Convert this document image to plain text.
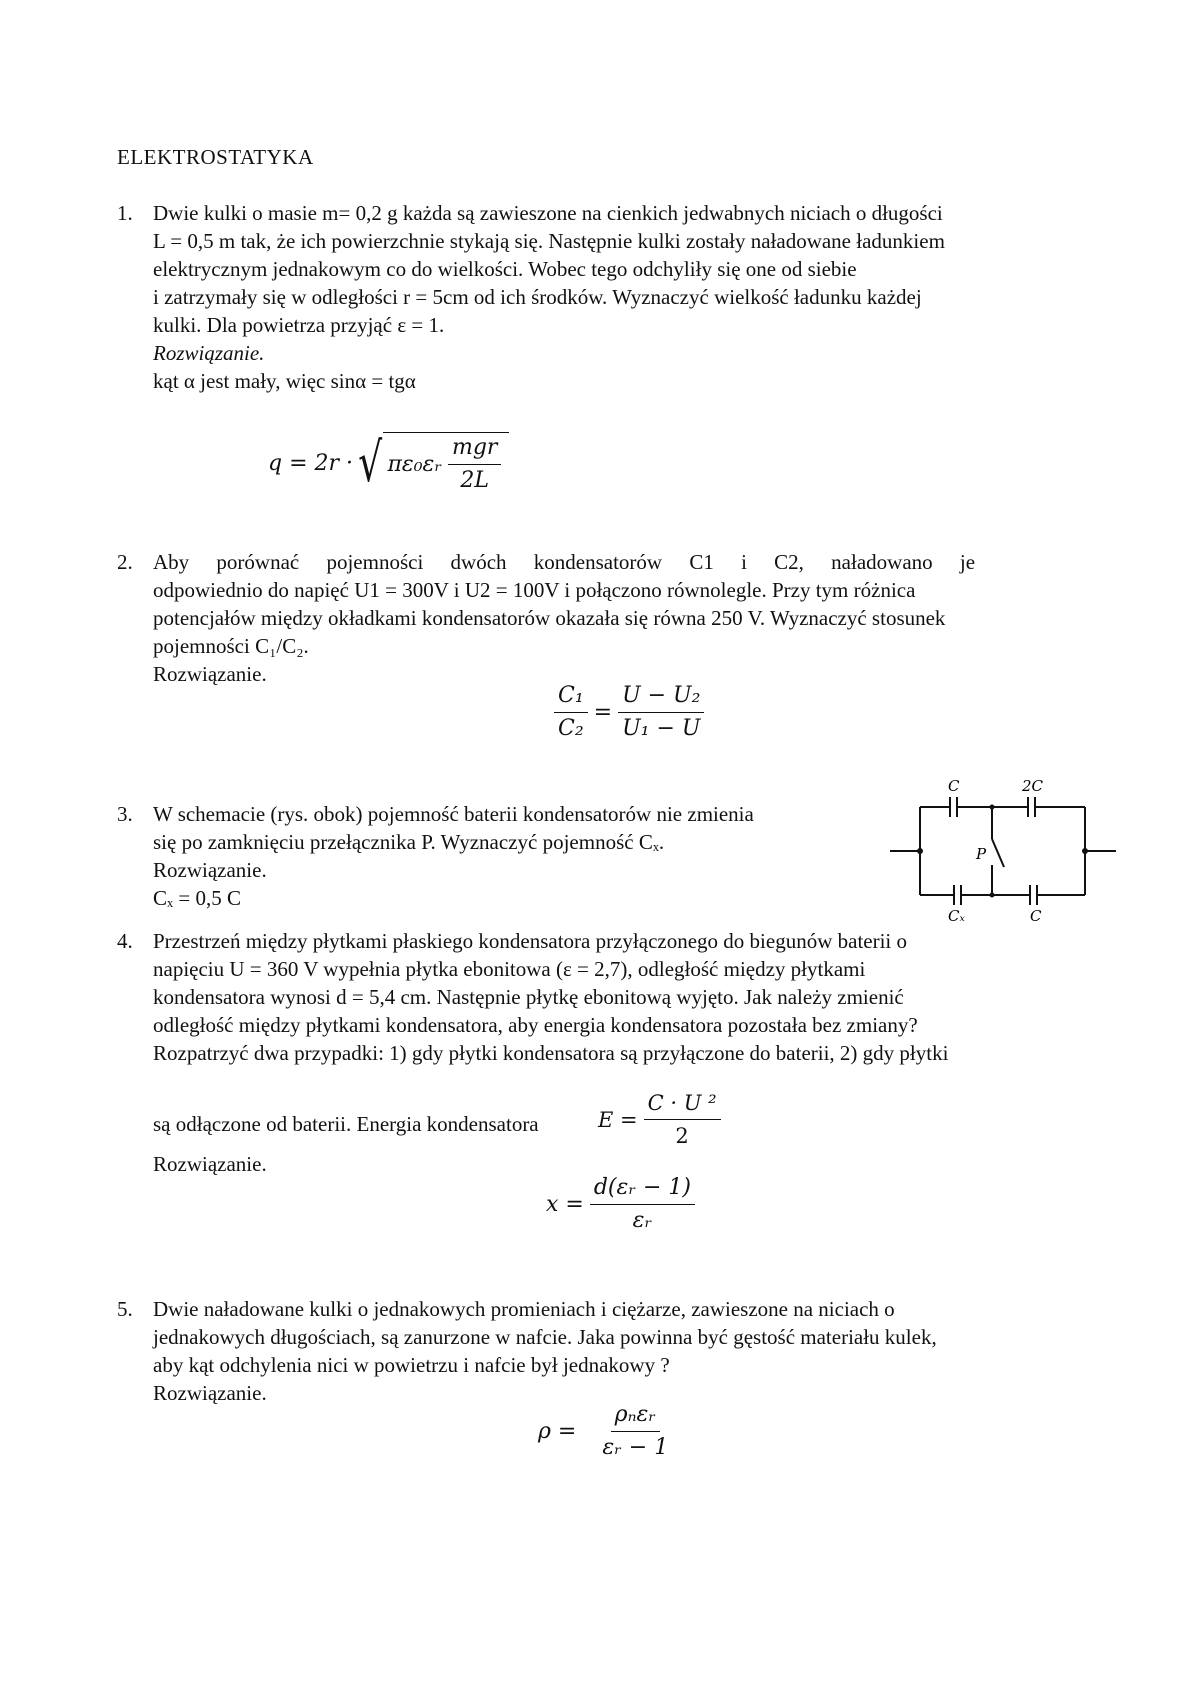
ELEKTROSTATYKA
1. Dwie kulki o masie m= 0,2 g każda są zawieszone na cienkich jedwabnych niciach o długości

L = 0,5 m tak, że ich powierzchnie stykają się. Następnie kulki zostały naładowane ładunkiem

elektrycznym jednakowym co do wielkości. Wobec tego odchyliły się one od siebie

i zatrzymały się w odległości r = 5cm od ich środków. Wyznaczyć wielkość ładunku każdej

kulki. Dla powietrza przyjąć ε = 1.

Rozwiązanie.

kąt α jest mały, więc sinα = tgα

q = 2r · √ πε₀εᵣ $\frac{\text{mgr}}{2L}$
2. Aby porównać pojemności dwóch kondensatorów C1 i C2, naładowano je

odpowiednio do napięć U1 = 300V i U2 = 100V i połączono równolegle. Przy tym różnica

potencjałów między okładkami kondensatorów okazała się równa 250 V. Wyznaczyć stosunek

pojemności C₁/C₂.

Rozwiązanie.

$\frac{\text{C₁}}{\text{C₂}} = \frac{\text{U − U₂}}{\text{U₁ − U}}$
3. W schemacie (rys. obok) pojemność baterii kondensatorów nie zmienia

się po zamknięciu przełącznika P. Wyznaczyć pojemność Cₓ.

Rozwiązanie.

Cₓ = 0,5 C

C	2C
P
Cₓ	C
4. Przestrzeń między płytkami płaskiego kondensatora przyłączonego do biegunów baterii o

napięciu U = 360 V wypełnia płytka ebonitowa (ε = 2,7), odległość między płytkami

kondensatora wynosi d = 5,4 cm. Następnie płytkę ebonitową wyjęto. Jak należy zmienić

odległość między płytkami kondensatora, aby energia kondensatora pozostała bez zmiany?

Rozpatrzyć dwa przypadki: 1) gdy płytki kondensatora są przyłączone do baterii, 2) gdy płytki

są odłączone od baterii. Energia kondensatora	$E = \frac{\text{C · U ²}}{2}$
Rozwiązanie.
$x = \frac{\text{d(εᵣ − 1)}}{\text{εᵣ}}$
5. Dwie naładowane kulki o jednakowych promieniach i ciężarze, zawieszone na niciach o

jednakowych długościach, są zanurzone w nafcie. Jaka powinna być gęstość materiału kulek,

aby kąt odchylenia nici w powietrzu i nafcie był jednakowy ?

Rozwiązanie.

$\rho = \frac{\text{ρₙεᵣ}}{\text{εᵣ − 1}}$
